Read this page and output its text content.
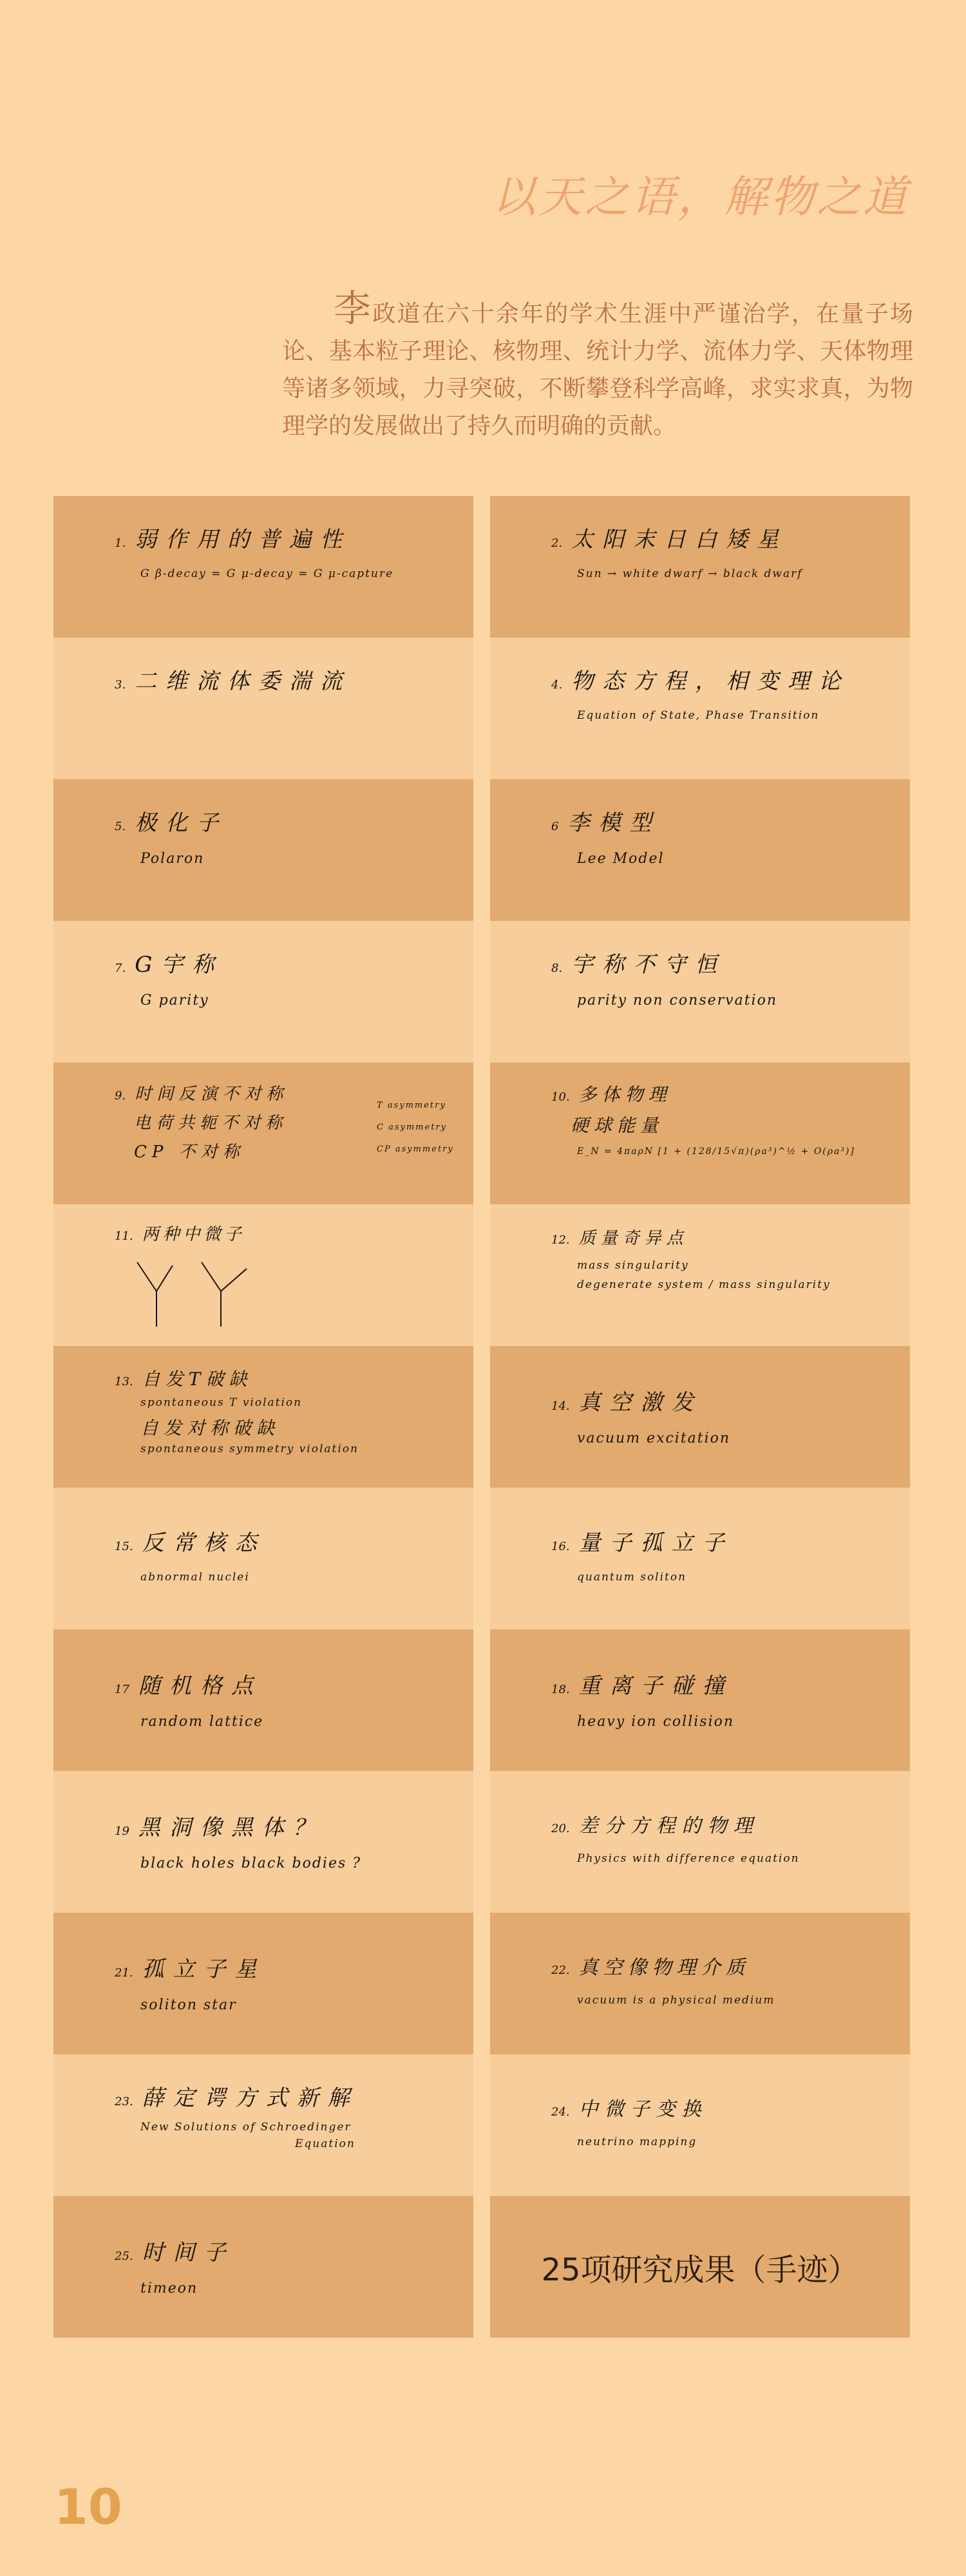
以天之语，解物之道
李政道在六十余年的学术生涯中严谨治学，在量子场论、基本粒子理论、核物理、统计力学、流体力学、天体物理等诸多领域，力寻突破，不断攀登科学高峰，求实求真，为物理学的发展做出了持久而明确的贡献。
1. 弱作用的普遍性
G β-decay = G μ-decay = G μ-capture
2. 太阳末日白矮星
Sun → white dwarf → black dwarf
3. 二维流体委湍流	4. 物态方程，相变理论
Equation of State, Phase Transition
5. 极化子
Polaron
6 李模型
Lee Model
7. G宇称
G parity
8. 宇称不守恒
parity non conservation
9. 时间反演不对称
电荷共轭不对称
CP 不对称
T asymmetry C asymmetry CP asymmetry
10. 多体物理
硬球能量
E_N = 4πaρN [1 + (128/15√π)(ρa³)^½ + O(ρa³)]
11. 两种中微子	12. 质量奇异点
mass singularity
degenerate system / mass singularity
13. 自发T破缺
spontaneous T violation
自发对称破缺
spontaneous symmetry violation
14. 真空激发
vacuum excitation
15. 反常核态
abnormal nuclei
16. 量子孤立子
quantum soliton
17 随机格点
random lattice
18. 重离子碰撞
heavy ion collision
19 黑洞像黑体？
black holes black bodies ?
20. 差分方程的物理
Physics with difference equation
21. 孤立子星
soliton star
22. 真空像物理介质
vacuum is a physical medium
23. 薛定谔方式新解
New Solutions of Schroedinger
Equation
24. 中微子变换
neutrino mapping
25. 时间子
timeon
25项研究成果（手迹）
10
